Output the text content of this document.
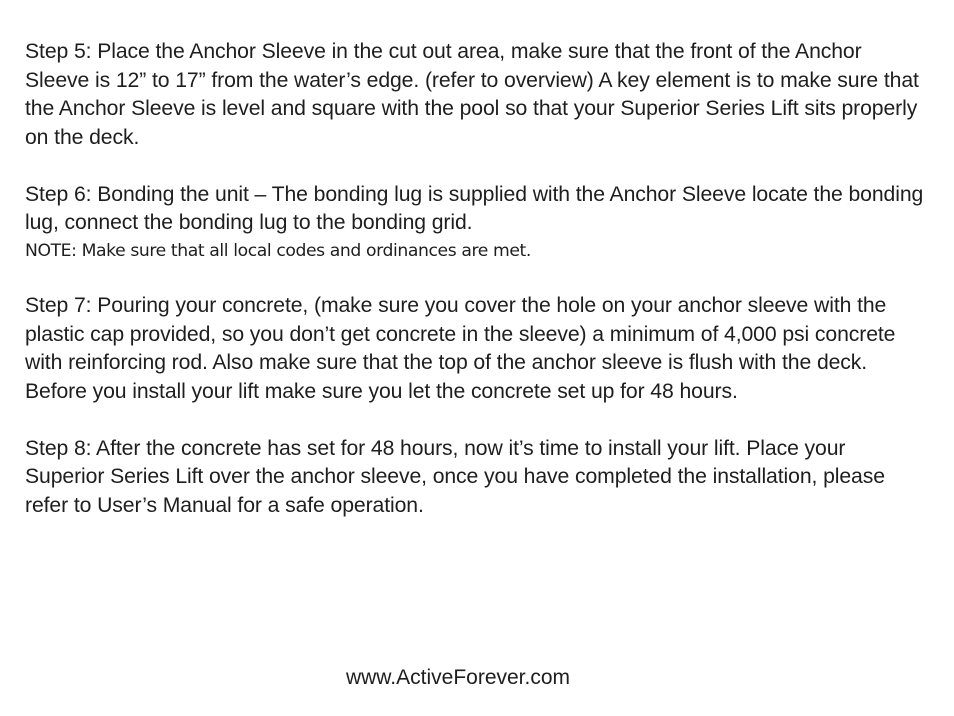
Step 5: Place the Anchor Sleeve in the cut out area, make sure that the front of the Anchor Sleeve is 12” to 17” from the water’s edge. (refer to overview) A key element is to make sure that the Anchor Sleeve is level and square with the pool so that your Superior Series Lift sits properly on the deck.

Step 6: Bonding the unit – The bonding lug is supplied with the Anchor Sleeve locate the bonding lug, connect the bonding lug to the bonding grid.

NOTE: Make sure that all local codes and ordinances are met.

Step 7: Pouring your concrete, (make sure you cover the hole on your anchor sleeve with the plastic cap provided, so you don’t get concrete in the sleeve) a minimum of 4,000 psi concrete with reinforcing rod. Also make sure that the top of the anchor sleeve is flush with the deck. Before you install your lift make sure you let the concrete set up for 48 hours.

Step 8: After the concrete has set for 48 hours, now it’s time to install your lift. Place your Superior Series Lift over the anchor sleeve, once you have completed the installation, please refer to User’s Manual for a safe operation.

www.ActiveForever.com
